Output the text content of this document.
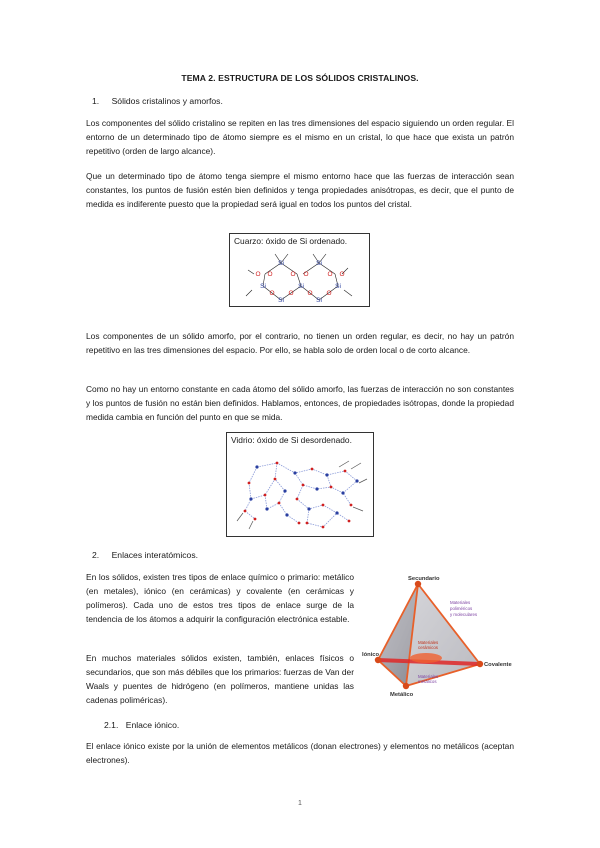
TEMA 2. ESTRUCTURA DE LOS SÓLIDOS CRISTALINOS.
1. Sólidos cristalinos y amorfos.

Los componentes del sólido cristalino se repiten en las tres dimensiones del espacio siguiendo un orden regular. El entorno de un determinado tipo de átomo siempre es el mismo en un cristal, lo que hace que exista un patrón repetitivo (orden de largo alcance).

Que un determinado tipo de átomo tenga siempre el mismo entorno hace que las fuerzas de interacción sean constantes, los puntos de fusión estén bien definidos y tenga propiedades anisótropas, es decir, que el punto de medida es indiferente puesto que la propiedad será igual en todos los puntos del cristal.

Cuarzo: óxido de Si ordenado.
Si	Si
Si	Si	Si
Si	Si
O O	O O	O O
O O O O

Los componentes de un sólido amorfo, por el contrario, no tienen un orden regular, es decir, no hay un patrón repetitivo en las tres dimensiones del espacio. Por ello, se habla solo de orden local o de corto alcance.

Como no hay un entorno constante en cada átomo del sólido amorfo, las fuerzas de interacción no son constantes y los puntos de fusión no están bien definidos. Hablamos, entonces, de propiedades isótropas, donde la propiedad medida cambia en función del punto en que se mida.

Vidrio: óxido de Si desordenado.
2. Enlaces interatómicos.

En los sólidos, existen tres tipos de enlace químico o primario: metálico (en metales), iónico (en cerámicas) y covalente (en cerámicas y polímeros). Cada uno de estos tres tipos de enlace surge de la tendencia de los átomos a adquirir la configuración electrónica estable.

En muchos materiales sólidos existen, también, enlaces físicos o secundarios, que son más débiles que los primarios: fuerzas de Van der Waals y puentes de hidrógeno (en polímeros, mantiene unidas las cadenas poliméricas).

Secundario
Iónico
Covalente
Metálico
Materiales
poliméricos
y moleculares
Materiales
cerámicos
Materiales
metálicos
2.1. Enlace iónico.

El enlace iónico existe por la unión de elementos metálicos (donan electrones) y elementos no metálicos (aceptan electrones).

1
